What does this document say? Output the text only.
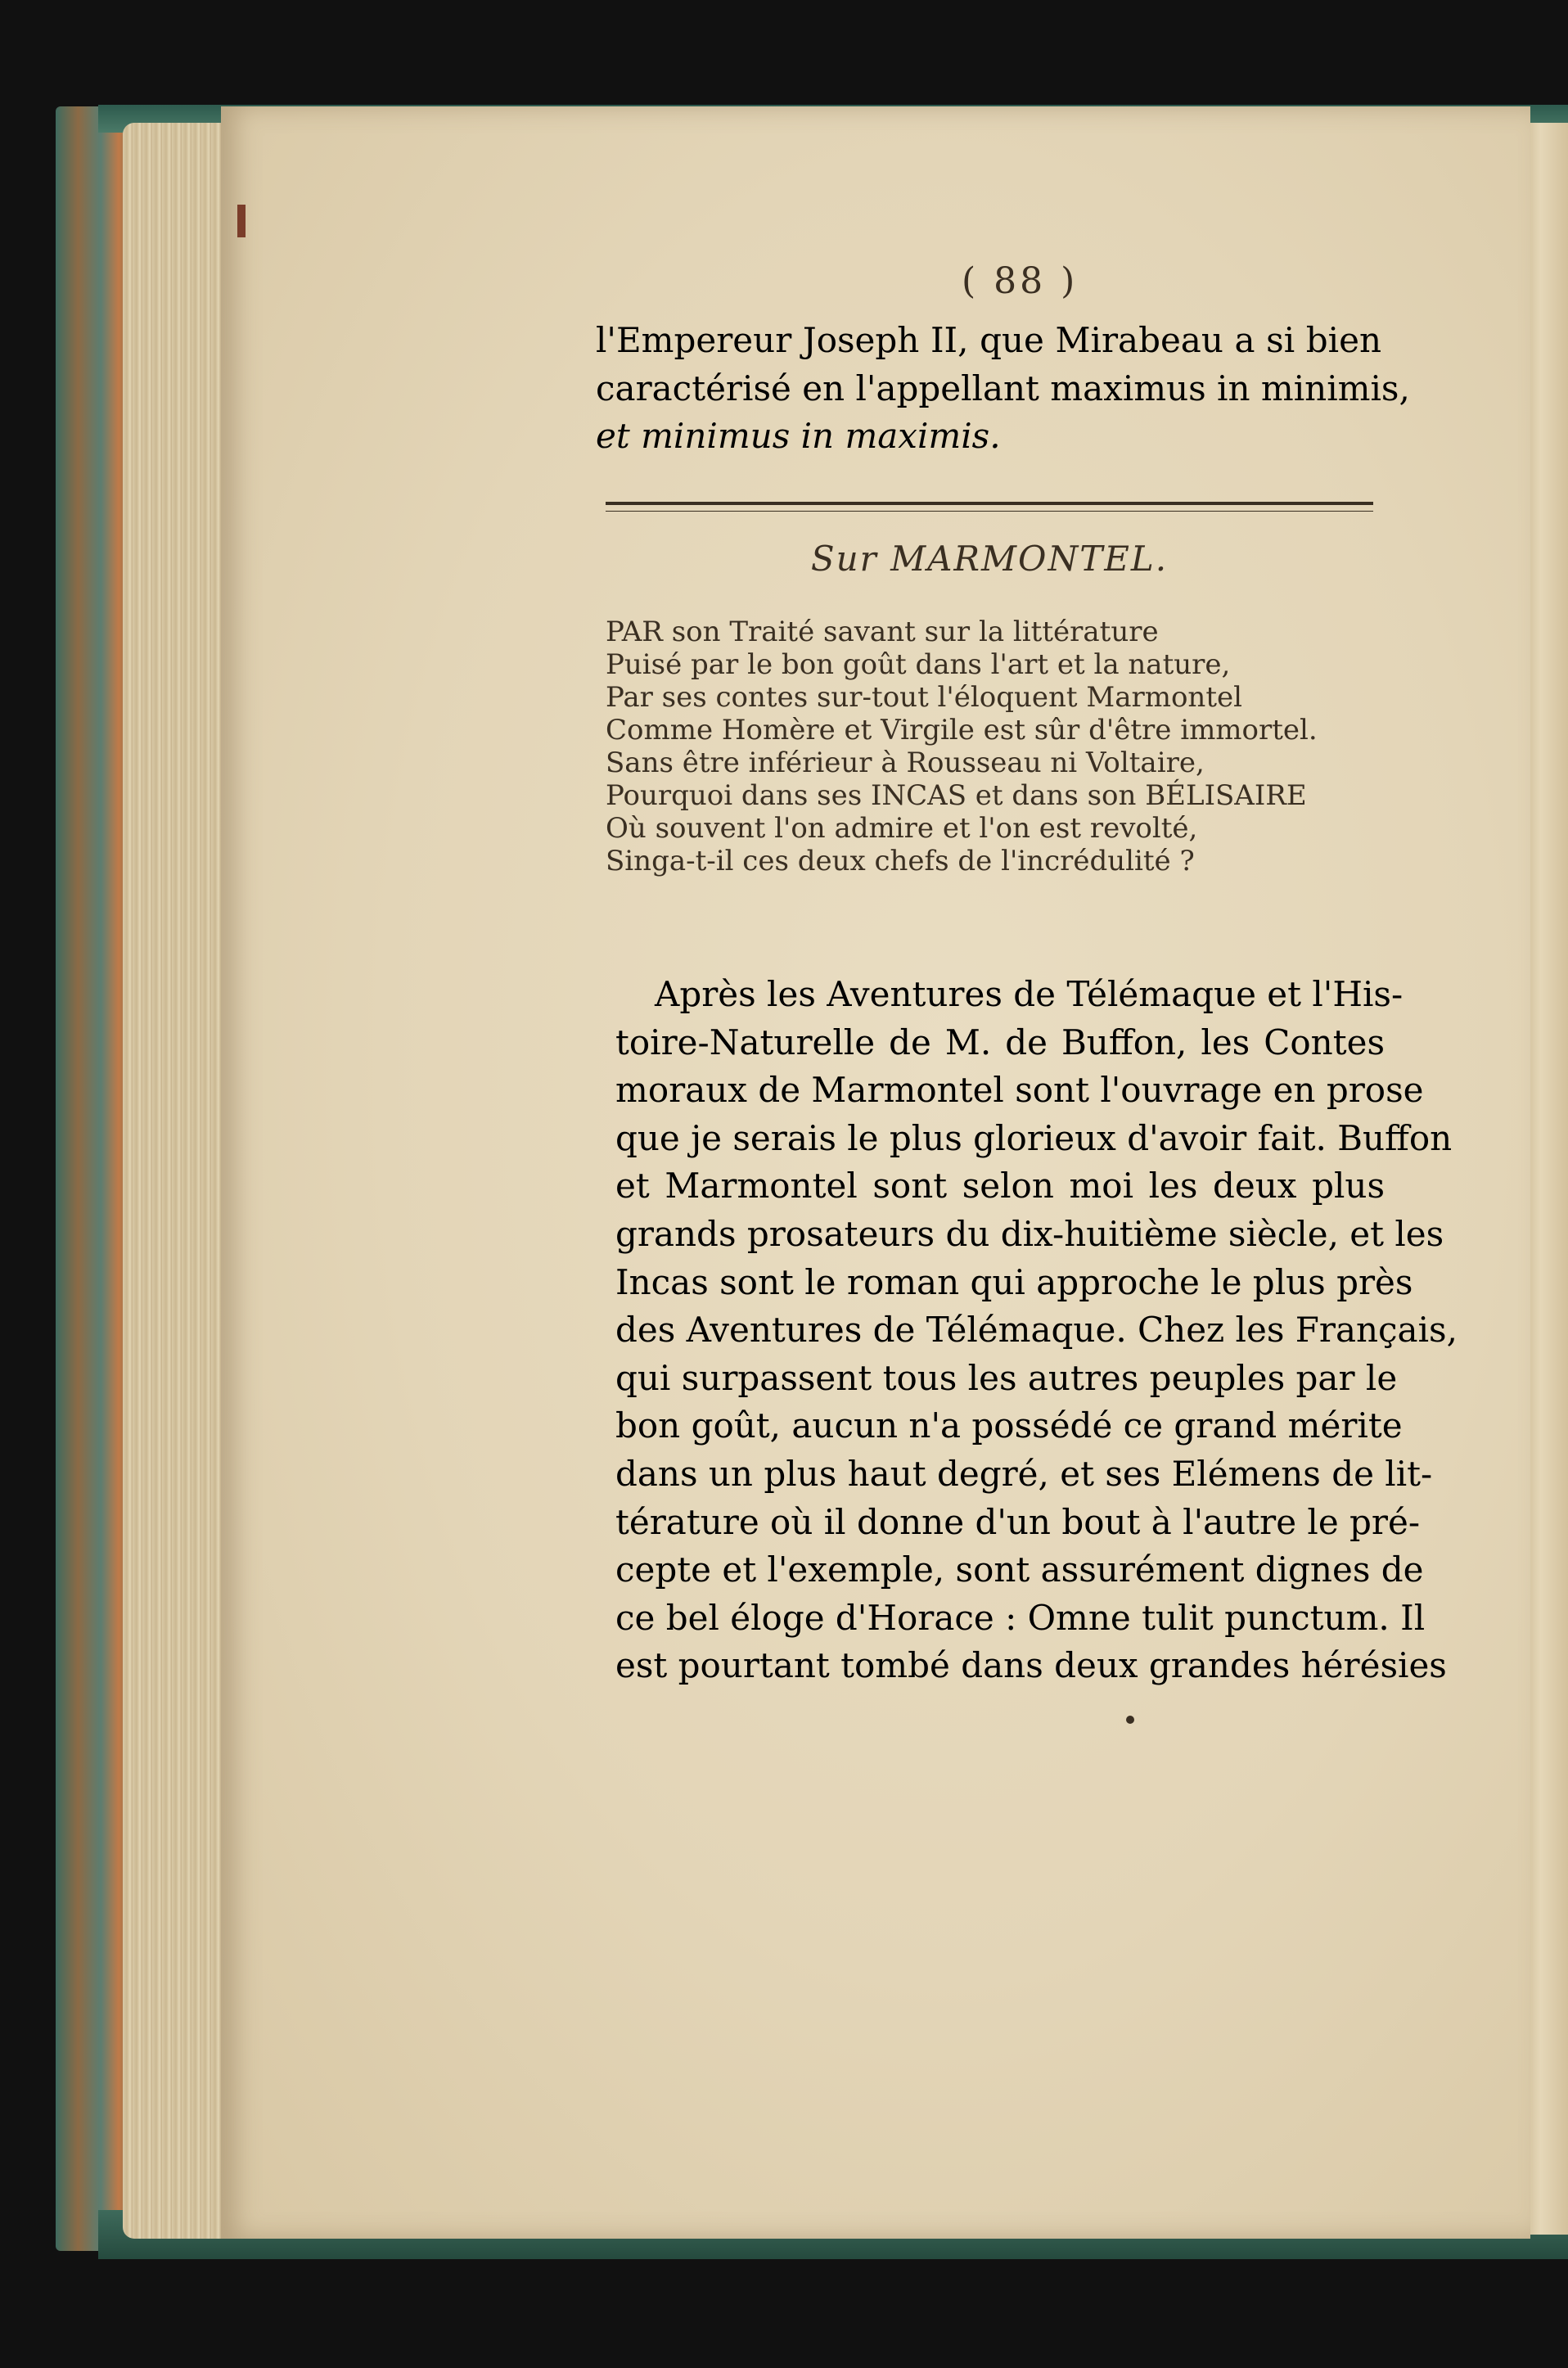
( 88 )
l'Empereur Joseph II, que Mirabeau a si bien
caractérisé en l'appellant maximus in minimis,
et minimus in maximis.
Sur MARMONTEL.
PAR son Traité savant sur la littérature
Puisé par le bon goût dans l'art et la nature,
Par ses contes sur-tout l'éloquent Marmontel
Comme Homère et Virgile est sûr d'être immortel.
Sans être inférieur à Rousseau ni Voltaire,
Pourquoi dans ses INCAS et dans son BÉLISAIRE
Où souvent l'on admire et l'on est revolté,
Singa-t-il ces deux chefs de l'incrédulité ?
Après les Aventures de Télémaque et l'His-
toire-Naturelle de M. de Buffon, les Contes
moraux de Marmontel sont l'ouvrage en prose
que je serais le plus glorieux d'avoir fait. Buffon
et Marmontel sont selon moi les deux plus
grands prosateurs du dix-huitième siècle, et les
Incas sont le roman qui approche le plus près
des Aventures de Télémaque. Chez les Français,
qui surpassent tous les autres peuples par le
bon goût, aucun n'a possédé ce grand mérite
dans un plus haut degré, et ses Elémens de lit-
térature où il donne d'un bout à l'autre le pré-
cepte et l'exemple, sont assurément dignes de
ce bel éloge d'Horace : Omne tulit punctum. Il
est pourtant tombé dans deux grandes hérésies
